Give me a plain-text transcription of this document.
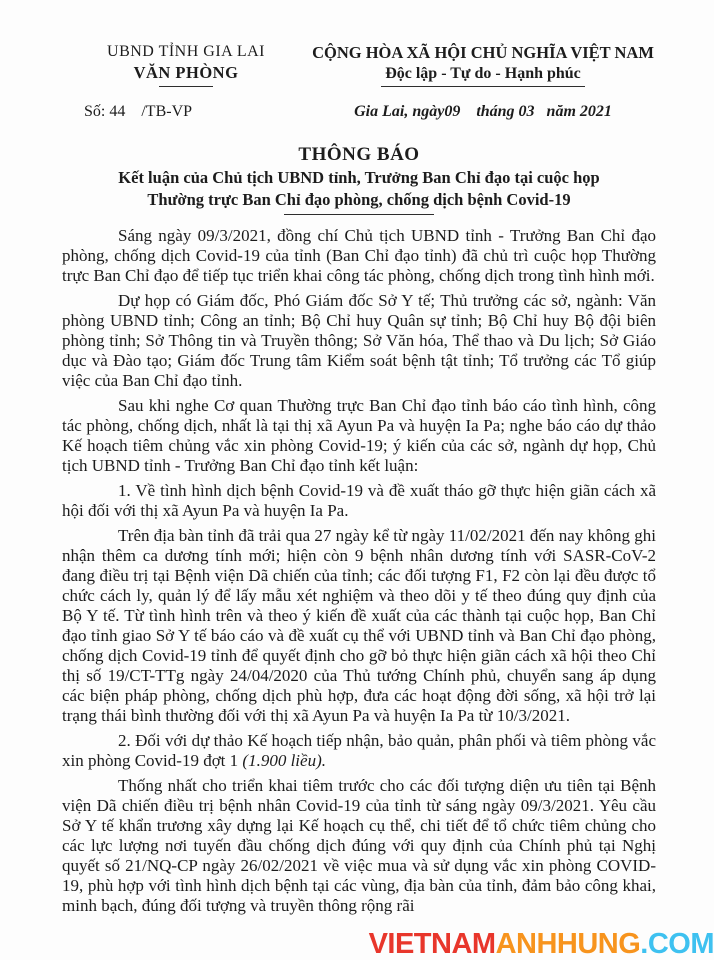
UBND TỈNH GIA LAI
VĂN PHÒNG
CỘNG HÒA XÃ HỘI CHỦ NGHĨA VIỆT NAM
Độc lập - Tự do - Hạnh phúc
Số: 44    /TB-VP	Gia Lai, ngày09    tháng 03   năm 2021
THÔNG BÁO
Kết luận của Chủ tịch UBND tỉnh, Trưởng Ban Chỉ đạo tại cuộc họp
Thường trực Ban Chỉ đạo phòng, chống dịch bệnh Covid-19

Sáng ngày 09/3/2021, đồng chí Chủ tịch UBND tỉnh - Trưởng Ban Chỉ đạo phòng, chống dịch Covid-19 của tỉnh (Ban Chỉ đạo tỉnh) đã chủ trì cuộc họp Thường trực Ban Chỉ đạo để tiếp tục triển khai công tác phòng, chống dịch trong tình hình mới.

Dự họp có Giám đốc, Phó Giám đốc Sở Y tế; Thủ trưởng các sở, ngành: Văn phòng UBND tỉnh; Công an tỉnh; Bộ Chỉ huy Quân sự tỉnh; Bộ Chỉ huy Bộ đội biên phòng tỉnh; Sở Thông tin và Truyền thông; Sở Văn hóa, Thể thao và Du lịch; Sở Giáo dục và Đào tạo; Giám đốc Trung tâm Kiểm soát bệnh tật tỉnh; Tổ trưởng các Tổ giúp việc của Ban Chỉ đạo tỉnh.

Sau khi nghe Cơ quan Thường trực Ban Chỉ đạo tỉnh báo cáo tình hình, công tác phòng, chống dịch, nhất là tại thị xã Ayun Pa và huyện Ia Pa; nghe báo cáo dự thảo Kế hoạch tiêm chủng vắc xin phòng Covid-19; ý kiến của các sở, ngành dự họp, Chủ tịch UBND tỉnh - Trưởng Ban Chỉ đạo tỉnh kết luận:

1. Về tình hình dịch bệnh Covid-19 và đề xuất tháo gỡ thực hiện giãn cách xã hội đối với thị xã Ayun Pa và huyện Ia Pa.

Trên địa bàn tỉnh đã trải qua 27 ngày kể từ ngày 11/02/2021 đến nay không ghi nhận thêm ca dương tính mới; hiện còn 9 bệnh nhân dương tính với SASR-CoV-2 đang điều trị tại Bệnh viện Dã chiến của tỉnh; các đối tượng F1, F2 còn lại đều được tổ chức cách ly, quản lý để lấy mẫu xét nghiệm và theo dõi y tế theo đúng quy định của Bộ Y tế. Từ tình hình trên và theo ý kiến đề xuất của các thành tại cuộc họp, Ban Chỉ đạo tỉnh giao Sở Y tế báo cáo và đề xuất cụ thể với UBND tỉnh và Ban Chỉ đạo phòng, chống dịch Covid-19 tỉnh để quyết định cho gỡ bỏ thực hiện giãn cách xã hội theo Chỉ thị số 19/CT-TTg ngày 24/04/2020 của Thủ tướng Chính phủ, chuyển sang áp dụng các biện pháp phòng, chống dịch phù hợp, đưa các hoạt động đời sống, xã hội trở lại trạng thái bình thường đối với thị xã Ayun Pa và huyện Ia Pa từ 10/3/2021.

2. Đối với dự thảo Kế hoạch tiếp nhận, bảo quản, phân phối và tiêm phòng vắc xin phòng Covid-19 đợt 1 (1.900 liều).

Thống nhất cho triển khai tiêm trước cho các đối tượng diện ưu tiên tại Bệnh viện Dã chiến điều trị bệnh nhân Covid-19 của tỉnh từ sáng ngày 09/3/2021. Yêu cầu Sở Y tế khẩn trương xây dựng lại Kế hoạch cụ thể, chi tiết để tổ chức tiêm chủng cho các lực lượng nơi tuyến đầu chống dịch đúng với quy định của Chính phủ tại Nghị quyết số 21/NQ-CP ngày 26/02/2021 về việc mua và sử dụng vắc xin phòng COVID-19, phù hợp với tình hình dịch bệnh tại các vùng, địa bàn của tỉnh, đảm bảo công khai, minh bạch, đúng đối tượng và truyền thông rộng rãi

VIETNAMANHHUNG.COM
